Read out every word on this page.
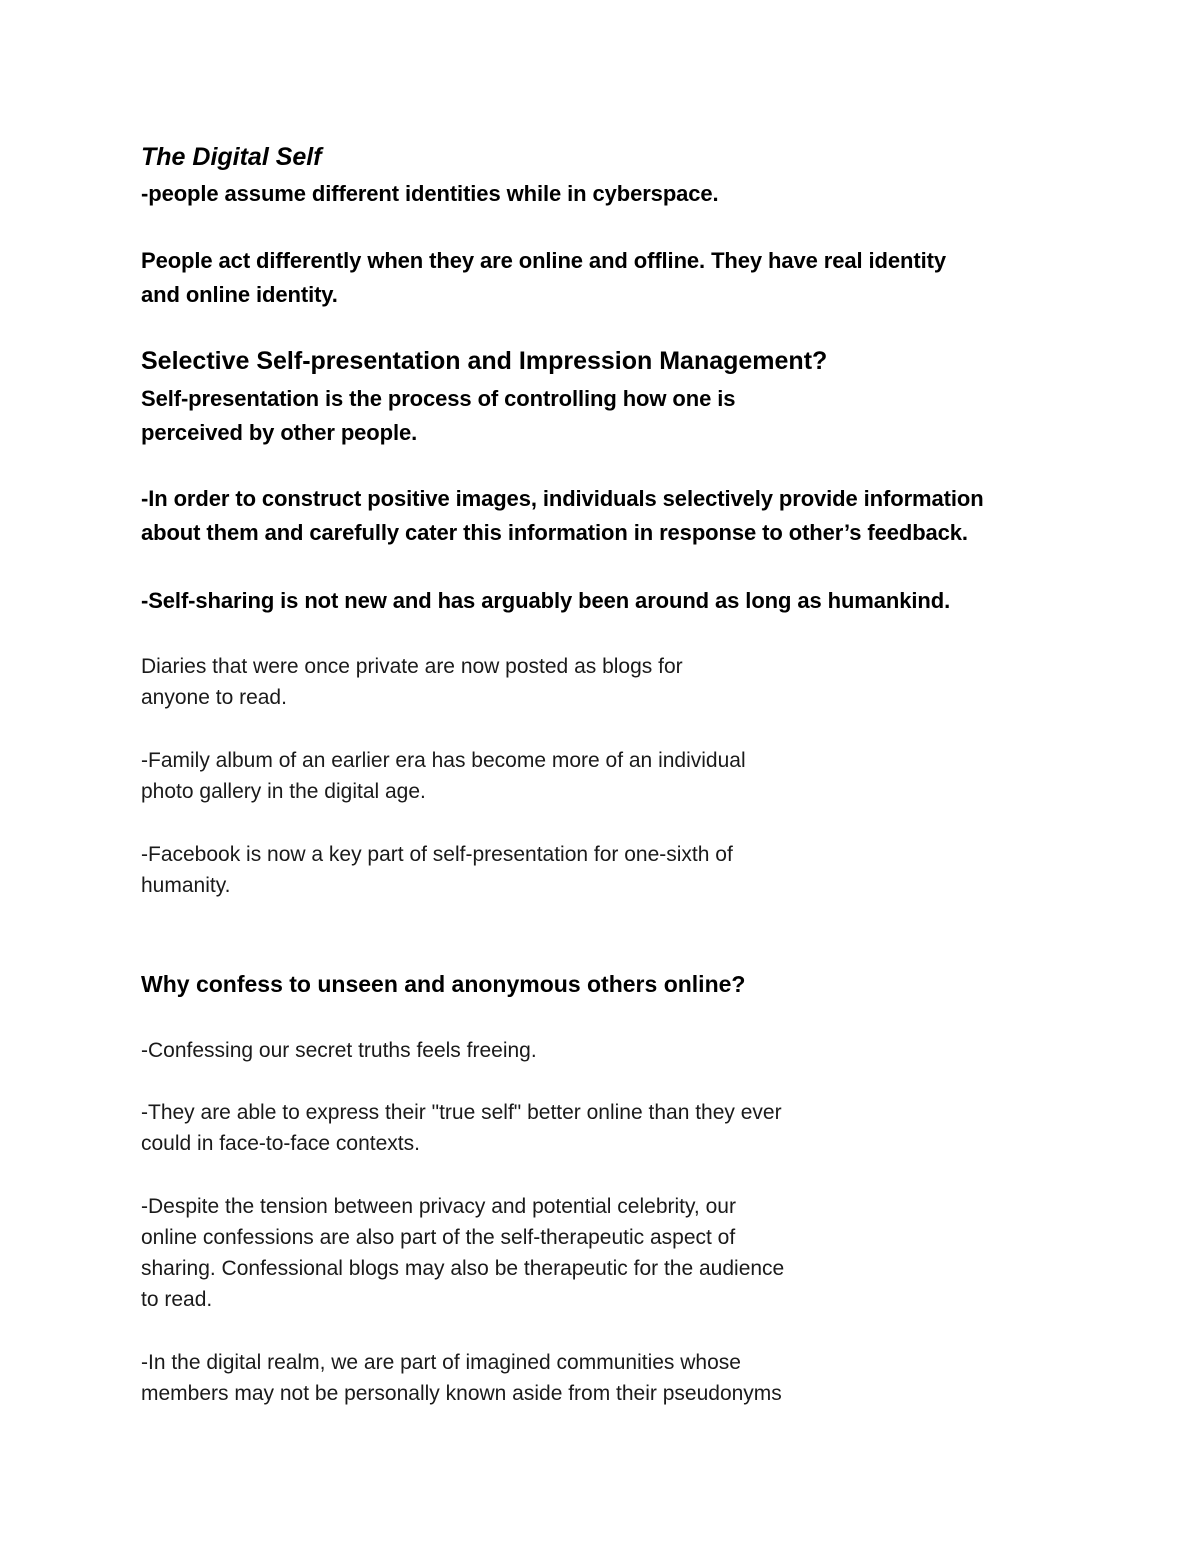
The Digital Self
-people assume different identities while in cyberspace.
People act differently when they are online and offline. They have real identity
and online identity.
Selective Self-presentation and Impression Management?
Self-presentation is the process of controlling how one is
perceived by other people.
-In order to construct positive images, individuals selectively provide information
about them and carefully cater this information in response to other’s feedback.
-Self-sharing is not new and has arguably been around as long as humankind.
Diaries that were once private are now posted as blogs for
anyone to read.
-Family album of an earlier era has become more of an individual
photo gallery in the digital age.
-Facebook is now a key part of self-presentation for one-sixth of
humanity.
Why confess to unseen and anonymous others online?
-Confessing our secret truths feels freeing.
-They are able to express their "true self" better online than they ever
could in face-to-face contexts.
-Despite the tension between privacy and potential celebrity, our
online confessions are also part of the self-therapeutic aspect of
sharing. Confessional blogs may also be therapeutic for the audience
to read.
-In the digital realm, we are part of imagined communities whose
members may not be personally known aside from their pseudonyms
